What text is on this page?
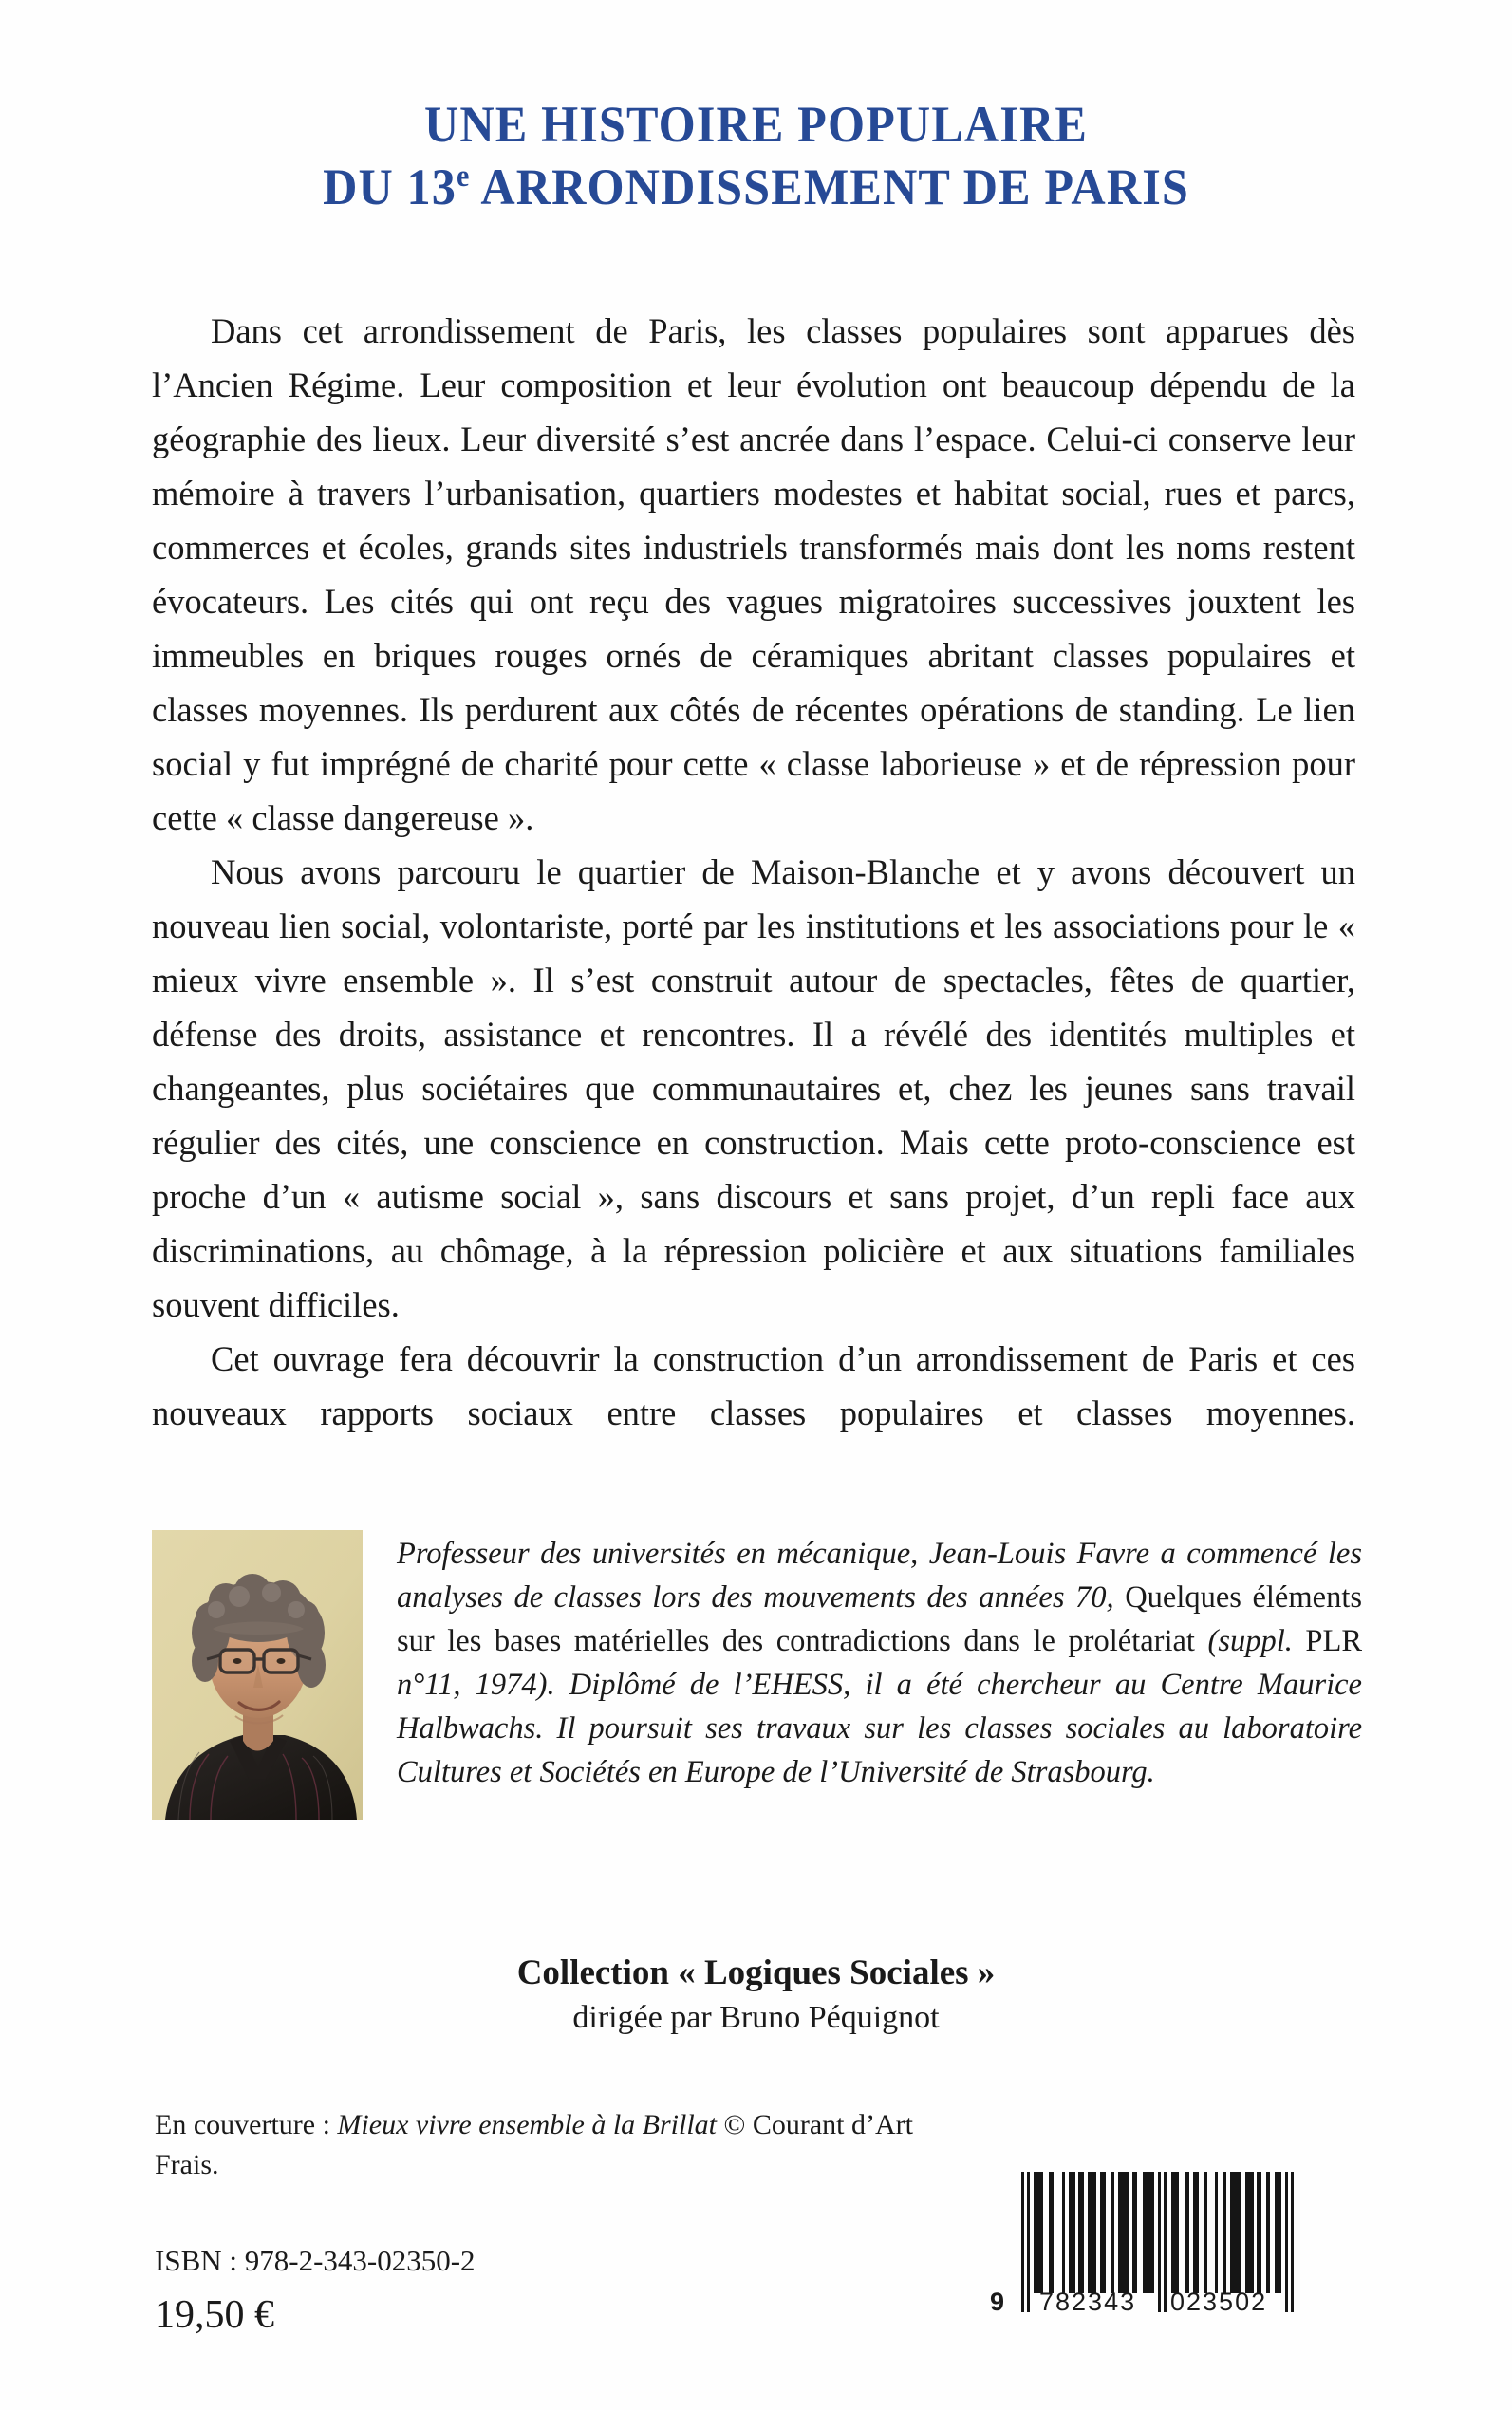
UNE HISTOIRE POPULAIRE
DU 13e ARRONDISSEMENT DE PARIS

Dans cet arrondissement de Paris, les classes populaires sont apparues dès l’Ancien Régime. Leur composition et leur évolution ont beaucoup dépendu de la géographie des lieux. Leur diversité s’est ancrée dans l’espace. Celui-ci conserve leur mémoire à travers l’urbanisation, quartiers modestes et habitat social, rues et parcs, commerces et écoles, grands sites industriels transformés mais dont les noms restent évocateurs. Les cités qui ont reçu des vagues migratoires successives jouxtent les immeubles en briques rouges ornés de céramiques abritant classes populaires et classes moyennes. Ils perdurent aux côtés de récentes opérations de standing. Le lien social y fut imprégné de charité pour cette « classe laborieuse » et de répression pour cette « classe dangereuse ».

Nous avons parcouru le quartier de Maison-Blanche et y avons découvert un nouveau lien social, volontariste, porté par les institutions et les associations pour le « mieux vivre ensemble ». Il s’est construit autour de spectacles, fêtes de quartier, défense des droits, assistance et rencontres. Il a révélé des identités multiples et changeantes, plus sociétaires que communautaires et, chez les jeunes sans travail régulier des cités, une conscience en construction. Mais cette proto-conscience est proche d’un « autisme social », sans discours et sans projet, d’un repli face aux discriminations, au chômage, à la répression policière et aux situations familiales souvent difficiles.

Cet ouvrage fera découvrir la construction d’un arrondissement de Paris et ces nouveaux rapports sociaux entre classes populaires et classes moyennes.

Professeur des universités en mécanique, Jean-Louis Favre a commencé les analyses de classes lors des mouvements des années 70, Quelques éléments sur les bases matérielles des contradictions dans le prolétariat (suppl. PLR n°11, 1974). Diplômé de l’EHESS, il a été chercheur au Centre Maurice Halbwachs. Il poursuit ses travaux sur les classes sociales au laboratoire Cultures et Sociétés en Europe de l’Université de Strasbourg.
Collection « Logiques Sociales »
dirigée par Bruno Péquignot
En couverture : Mieux vivre ensemble à la Brillat © Courant d’Art Frais.
ISBN : 978-2-343-02350-2
19,50 €	9 782343 023502
